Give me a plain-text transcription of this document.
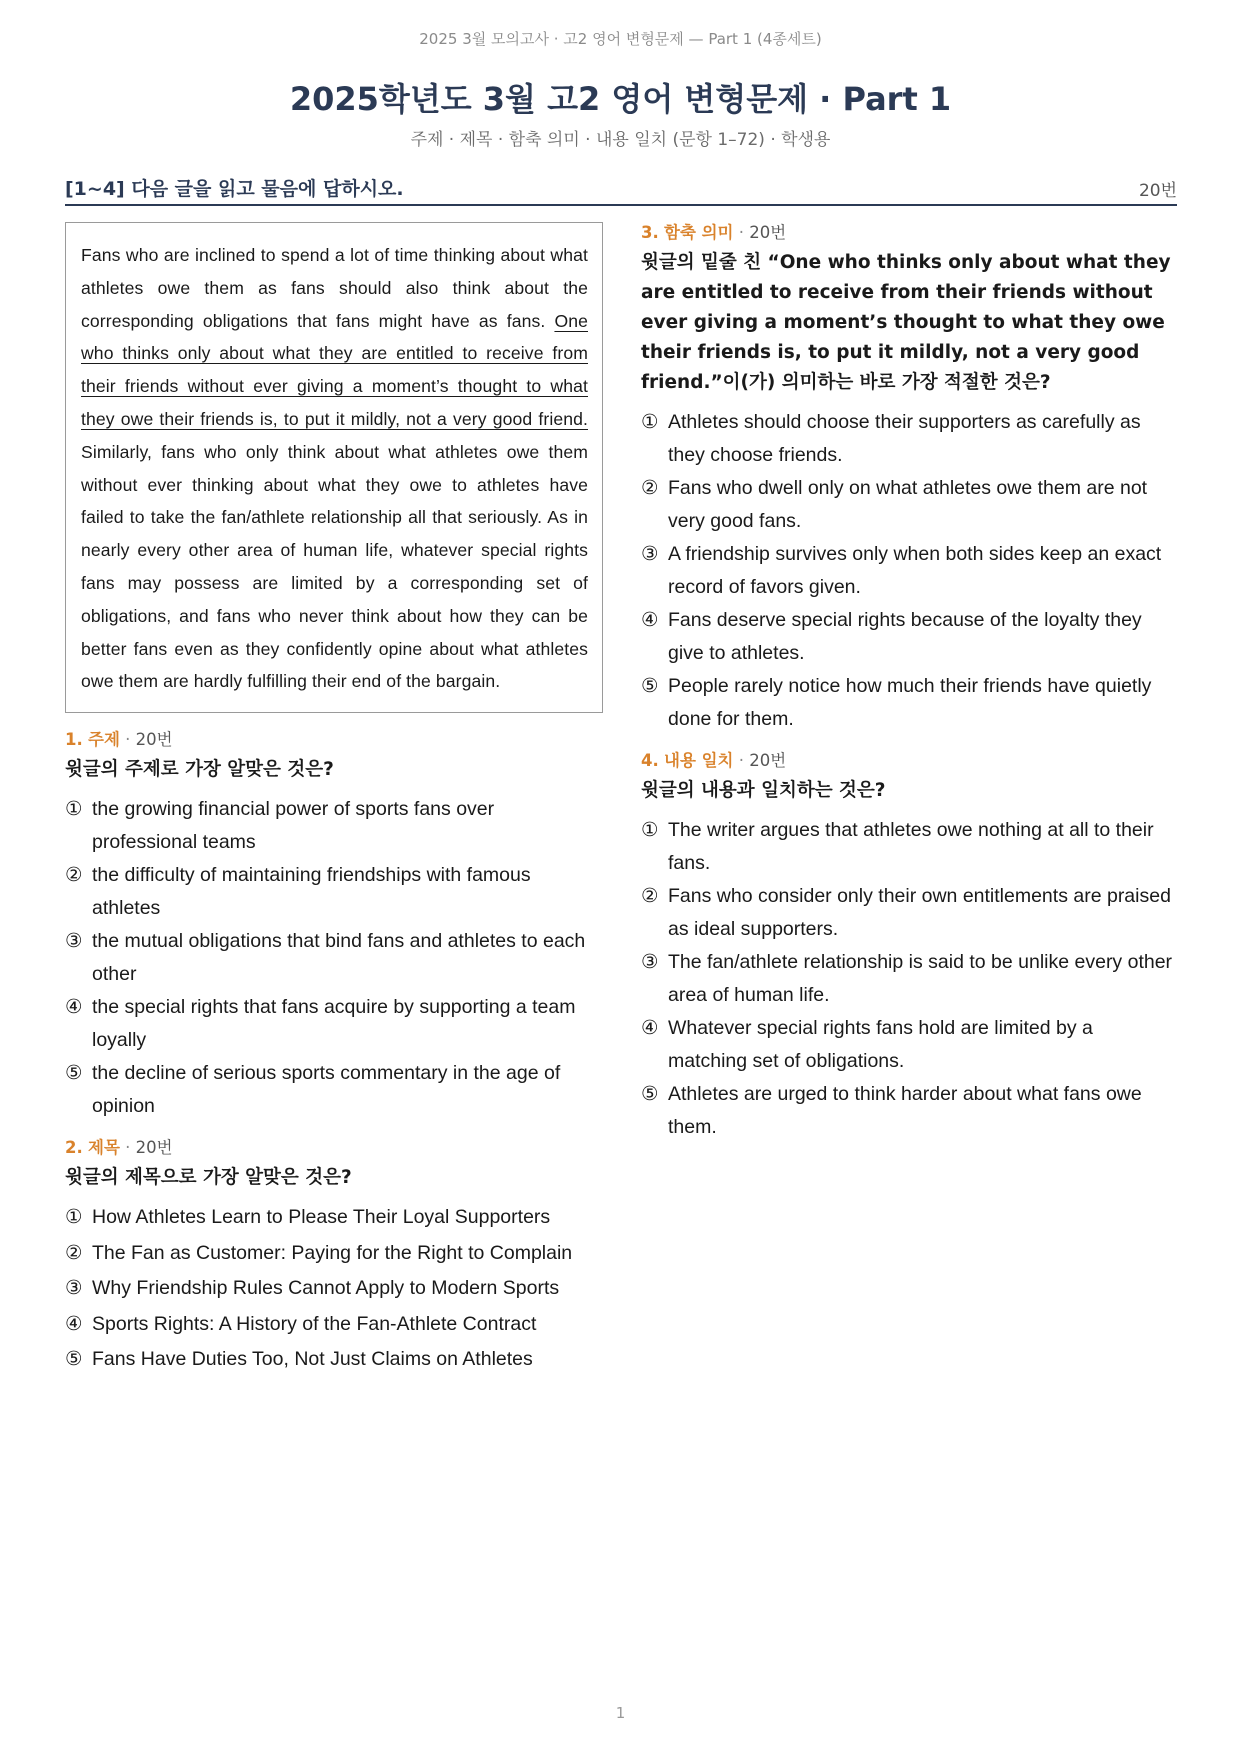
2025 3월 모의고사 · 고2 영어 변형문제 — Part 1 (4종세트)
2025학년도 3월 고2 영어 변형문제 · Part 1
주제 · 제목 · 함축 의미 · 내용 일치 (문항 1–72) · 학생용
[1~4] 다음 글을 읽고 물음에 답하시오.	20번
Fans who are inclined to spend a lot of time thinking about what athletes owe them as fans should also think about the corresponding obligations that fans might have as fans. One who thinks only about what they are entitled to receive from their friends without ever giving a moment’s thought to what they owe their friends is, to put it mildly, not a very good friend. Similarly, fans who only think about what athletes owe them without ever thinking about what they owe to athletes have failed to take the fan/athlete relationship all that seriously. As in nearly every other area of human life, whatever special rights fans may possess are limited by a corresponding set of obligations, and fans who never think about how they can be better fans even as they confidently opine about what athletes owe them are hardly fulfilling their end of the bargain.
1. 주제 · 20번
윗글의 주제로 가장 알맞은 것은?
① the growing financial power of sports fans over professional teams
② the difficulty of maintaining friendships with famous athletes
③ the mutual obligations that bind fans and athletes to each other
④ the special rights that fans acquire by supporting a team loyally
⑤ the decline of serious sports commentary in the age of opinion
2. 제목 · 20번
윗글의 제목으로 가장 알맞은 것은?
① How Athletes Learn to Please Their Loyal Supporters
② The Fan as Customer: Paying for the Right to Complain
③ Why Friendship Rules Cannot Apply to Modern Sports
④ Sports Rights: A History of the Fan-Athlete Contract
⑤ Fans Have Duties Too, Not Just Claims on Athletes
3. 함축 의미 · 20번
윗글의 밑줄 친 “One who thinks only about what they are entitled to receive from their friends without ever giving a moment’s thought to what they owe their friends is, to put it mildly, not a very good friend.”이(가) 의미하는 바로 가장 적절한 것은?
① Athletes should choose their supporters as carefully as they choose friends.
② Fans who dwell only on what athletes owe them are not very good fans.
③ A friendship survives only when both sides keep an exact record of favors given.
④ Fans deserve special rights because of the loyalty they give to athletes.
⑤ People rarely notice how much their friends have quietly done for them.
4. 내용 일치 · 20번
윗글의 내용과 일치하는 것은?
① The writer argues that athletes owe nothing at all to their fans.
② Fans who consider only their own entitlements are praised as ideal supporters.
③ The fan/athlete relationship is said to be unlike every other area of human life.
④ Whatever special rights fans hold are limited by a matching set of obligations.
⑤ Athletes are urged to think harder about what fans owe them.
1
